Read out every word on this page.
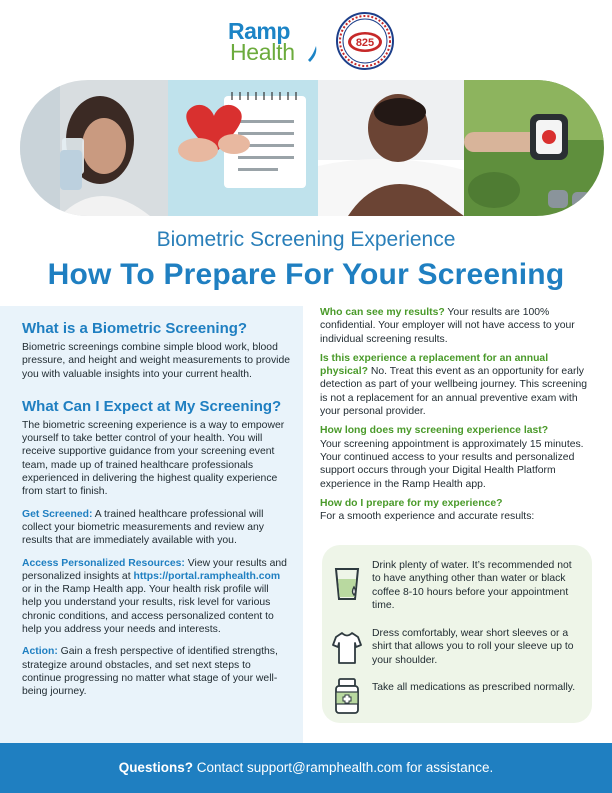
Ramp
Health	825
Biometric Screening Experience
How To Prepare For Your Screening
What is a Biometric Screening?

Biometric screenings combine simple blood work, blood pressure, and height and weight measurements to provide you with valuable insights into your current health.

What Can I Expect at My Screening?

The biometric screening experience is a way to empower yourself to take better control of your health. You will receive supportive guidance from your screening event team, made up of trained healthcare professionals experienced in delivering the highest quality experience from start to finish.

Get Screened: A trained healthcare professional will collect your biometric measurements and review any results that are immediately available with you.

Access Personalized Resources: View your results and personalized insights at https://portal.ramphealth.com or in the Ramp Health app. Your health risk profile will help you understand your results, risk level for various chronic conditions, and access personalized content to help you address your needs and interests.

Action: Gain a fresh perspective of identified strengths, strategize around obstacles, and set next steps to continue progressing no matter what stage of your well-being journey.

Who can see my results? Your results are 100% confidential. Your employer will not have access to your individual screening results.

Is this experience a replacement for an annual physical? No. Treat this event as an opportunity for early detection as part of your wellbeing journey. This screening is not a replacement for an annual preventive exam with your personal provider.

How long does my screening experience last?
Your screening appointment is approximately 15 minutes. Your continued access to your results and personalized support occurs through your Digital Health Platform experience in the Ramp Health app.

How do I prepare for my experience?
For a smooth experience and accurate results:

Drink plenty of water. It’s recommended not to have anything other than water or black coffee 8-10 hours before your appointment time.
Dress comfortably, wear short sleeves or a shirt that allows you to roll your sleeve up to your shoulder.
Take all medications as prescribed normally.
Questions? Contact support@ramphealth.com for assistance.
